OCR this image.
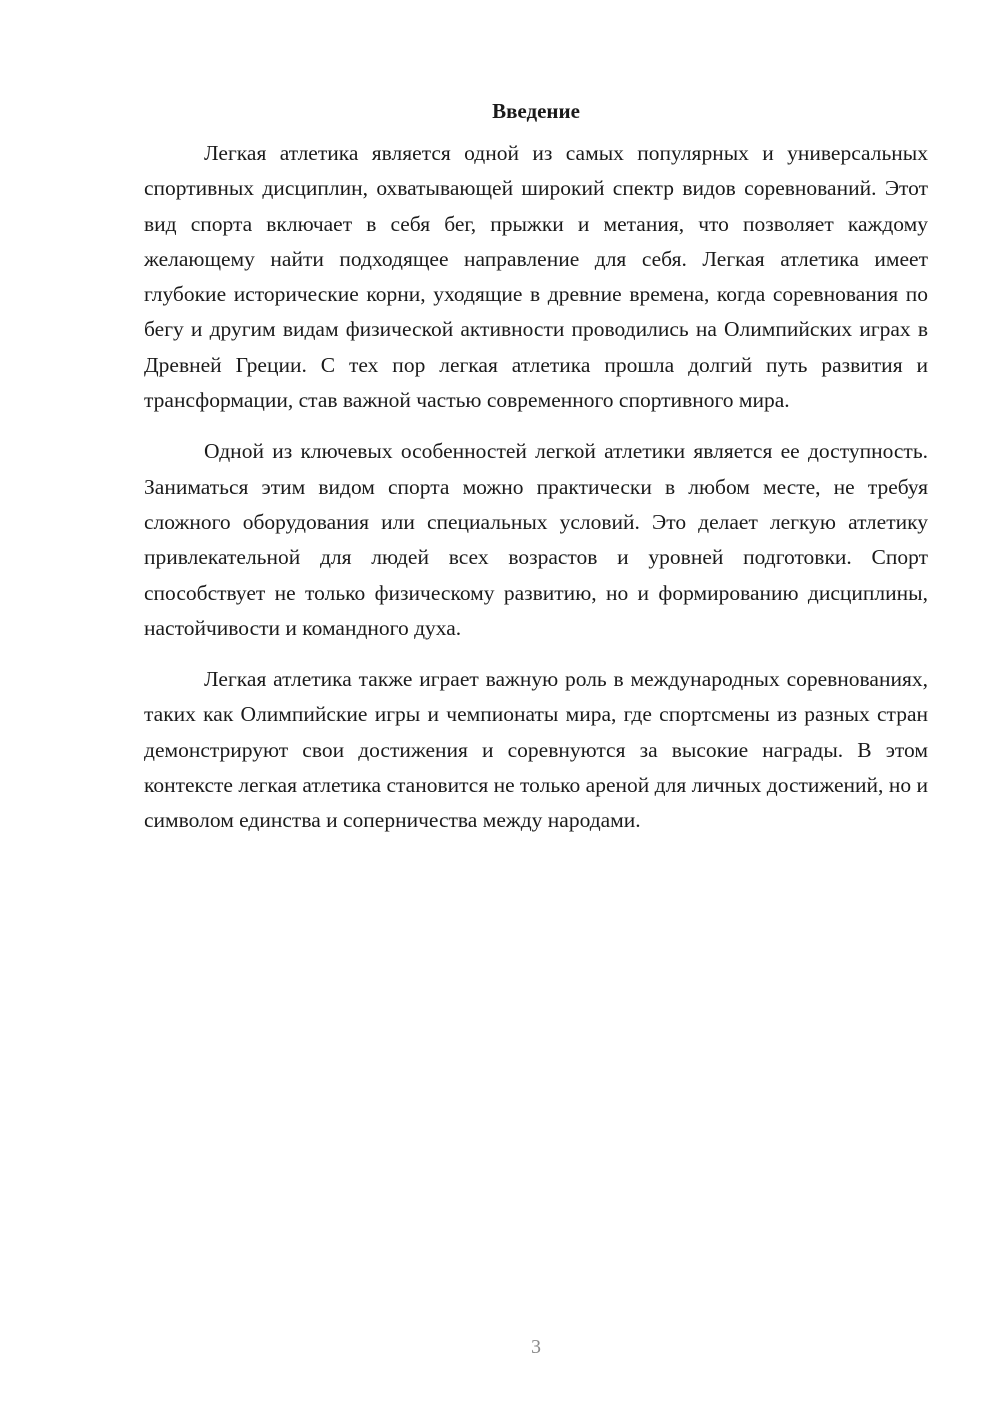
Введение

Легкая атлетика является одной из самых популярных и универсальных спортивных дисциплин, охватывающей широкий спектр видов соревнований. Этот вид спорта включает в себя бег, прыжки и метания, что позволяет каждому желающему найти подходящее направление для себя. Легкая атлетика имеет глубокие исторические корни, уходящие в древние времена, когда соревнования по бегу и другим видам физической активности проводились на Олимпийских играх в Древней Греции. С тех пор легкая атлетика прошла долгий путь развития и трансформации, став важной частью современного спортивного мира.

Одной из ключевых особенностей легкой атлетики является ее доступность. Заниматься этим видом спорта можно практически в любом месте, не требуя сложного оборудования или специальных условий. Это делает легкую атлетику привлекательной для людей всех возрастов и уровней подготовки. Спорт способствует не только физическому развитию, но и формированию дисциплины, настойчивости и командного духа.

Легкая атлетика также играет важную роль в международных соревнованиях, таких как Олимпийские игры и чемпионаты мира, где спортсмены из разных стран демонстрируют свои достижения и соревнуются за высокие награды. В этом контексте легкая атлетика становится не только ареной для личных достижений, но и символом единства и соперничества между народами.

3
